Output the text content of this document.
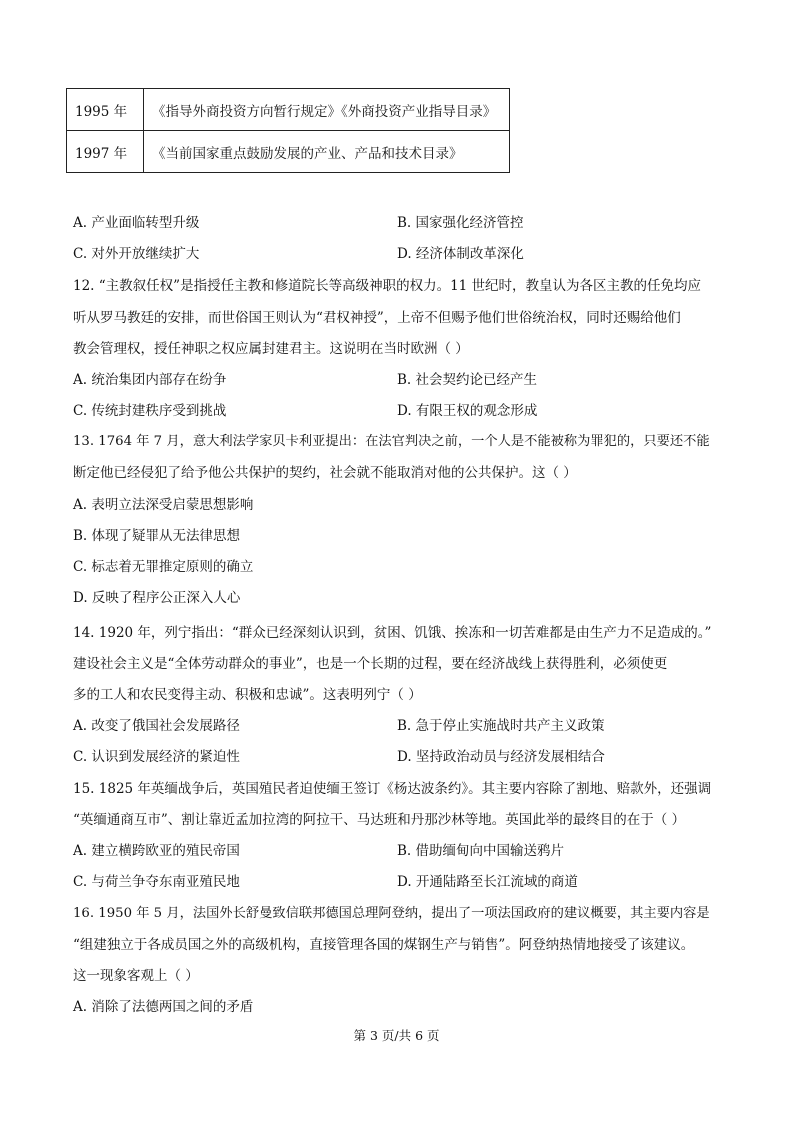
1995 年	《指导外商投资方向暂行规定》《外商投资产业指导目录》
1997 年	《当前国家重点鼓励发展的产业、产品和技术目录》
A. 产业面临转型升级	B. 国家强化经济管控
C. 对外开放继续扩大	D. 经济体制改革深化
12. “主教叙任权”是指授任主教和修道院长等高级神职的权力。11 世纪时，教皇认为各区主教的任免均应
听从罗马教廷的安排，而世俗国王则认为“君权神授”，上帝不但赐予他们世俗统治权，同时还赐给他们
教会管理权，授任神职之权应属封建君主。这说明在当时欧洲（ ）
A. 统治集团内部存在纷争	B. 社会契约论已经产生
C. 传统封建秩序受到挑战	D. 有限王权的观念形成
13. 1764 年 7 月，意大利法学家贝卡利亚提出：在法官判决之前，一个人是不能被称为罪犯的，只要还不能
断定他已经侵犯了给予他公共保护的契约，社会就不能取消对他的公共保护。这（ ）
A. 表明立法深受启蒙思想影响
B. 体现了疑罪从无法律思想
C. 标志着无罪推定原则的确立
D. 反映了程序公正深入人心
14. 1920 年，列宁指出：“群众已经深刻认识到，贫困、饥饿、挨冻和一切苦难都是由生产力不足造成的。”
建设社会主义是“全体劳动群众的事业”，也是一个长期的过程，要在经济战线上获得胜利，必须使更
多的工人和农民变得主动、积极和忠诚”。这表明列宁（ ）
A. 改变了俄国社会发展路径	B. 急于停止实施战时共产主义政策
C. 认识到发展经济的紧迫性	D. 坚持政治动员与经济发展相结合
15. 1825 年英缅战争后，英国殖民者迫使缅王签订《杨达波条约》。其主要内容除了割地、赔款外，还强调
“英缅通商互市”、割让靠近孟加拉湾的阿拉干、马达班和丹那沙林等地。英国此举的最终目的在于（ ）
A. 建立横跨欧亚的殖民帝国	B. 借助缅甸向中国输送鸦片
C. 与荷兰争夺东南亚殖民地	D. 开通陆路至长江流域的商道
16. 1950 年 5 月，法国外长舒曼致信联邦德国总理阿登纳，提出了一项法国政府的建议概要，其主要内容是
“组建独立于各成员国之外的高级机构，直接管理各国的煤钢生产与销售”。阿登纳热情地接受了该建议。
这一现象客观上（ ）
A. 消除了法德两国之间的矛盾
第 3 页/共 6 页
